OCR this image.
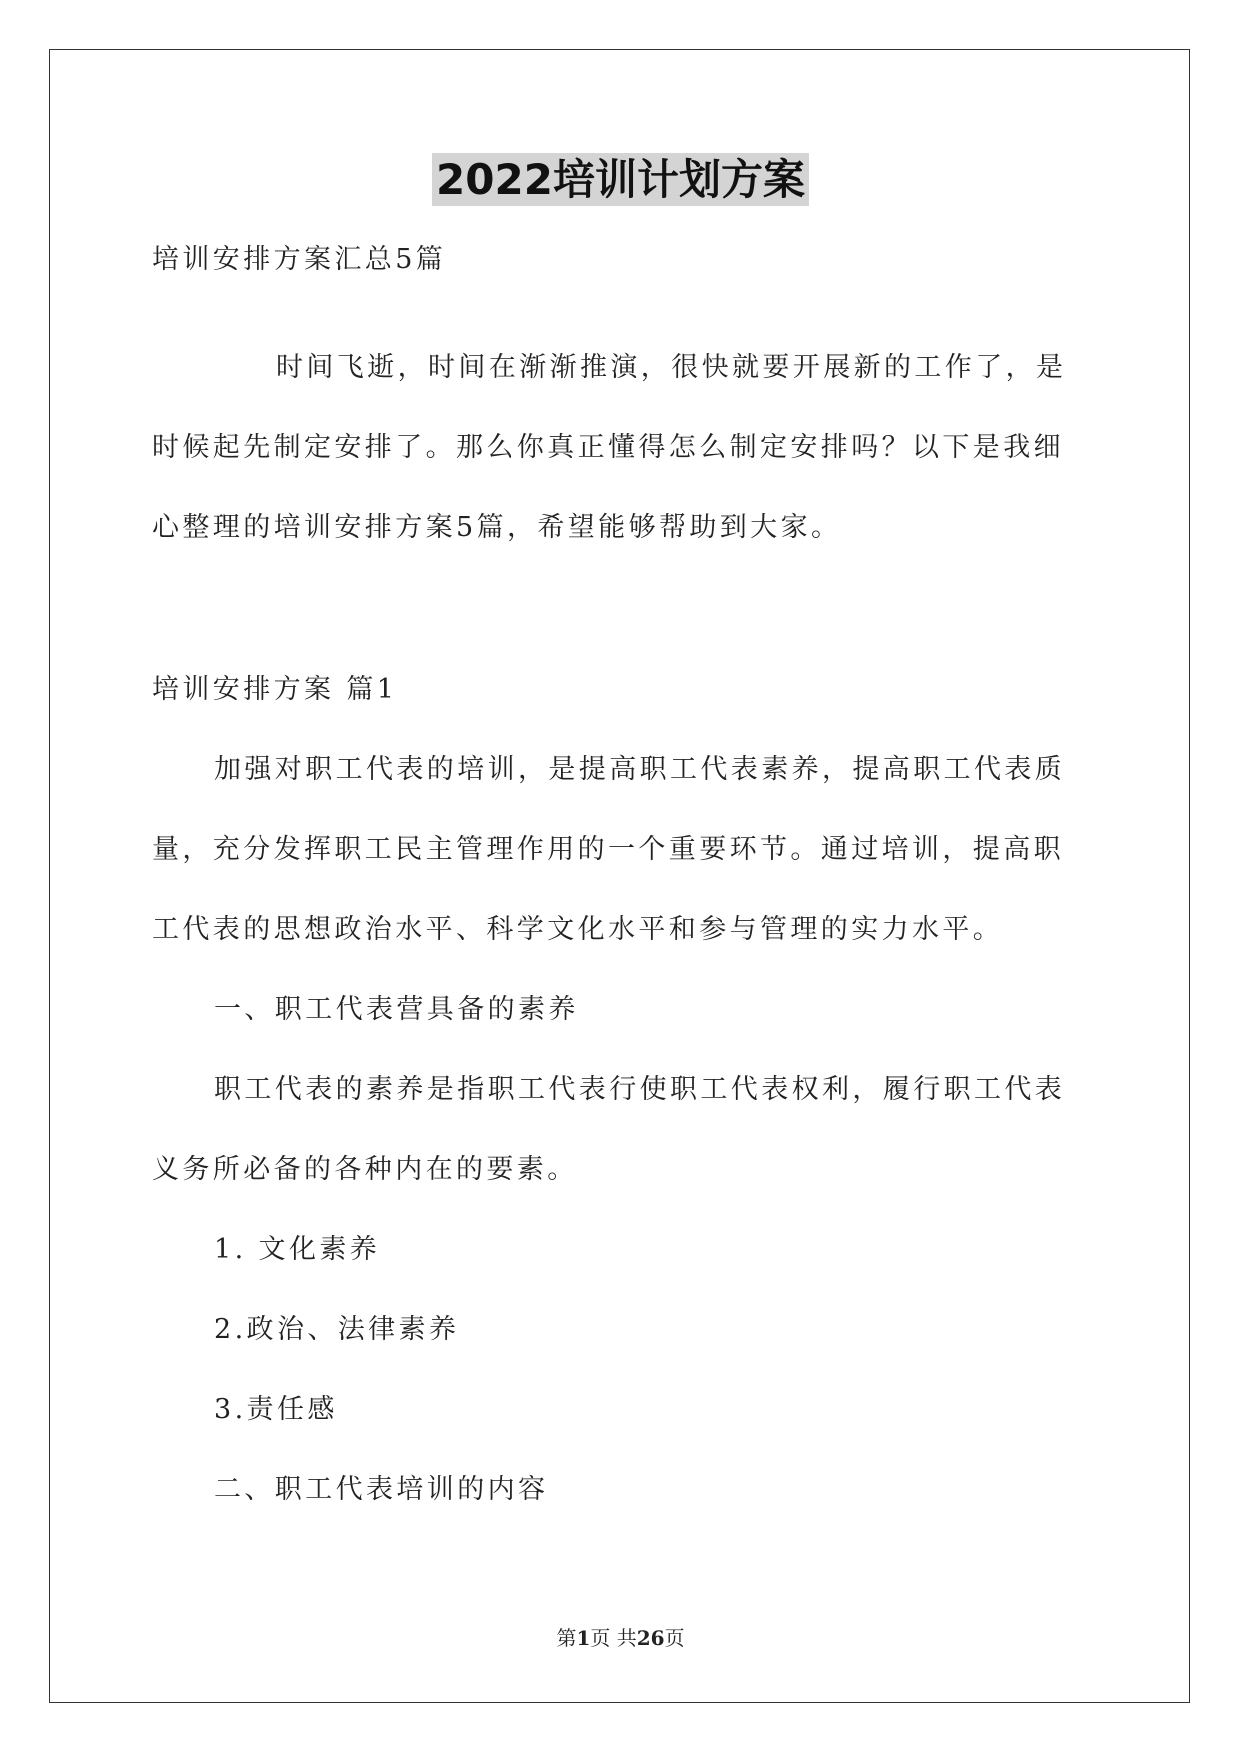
2022培训计划方案
培训安排方案汇总5篇
时间飞逝，时间在渐渐推演，很快就要开展新的工作了，是
时候起先制定安排了。那么你真正懂得怎么制定安排吗？以下是我细
心整理的培训安排方案5篇，希望能够帮助到大家。
培训安排方案 篇1
加强对职工代表的培训，是提高职工代表素养，提高职工代表质
量，充分发挥职工民主管理作用的一个重要环节。通过培训，提高职
工代表的思想政治水平、科学文化水平和参与管理的实力水平。
一、职工代表营具备的素养
职工代表的素养是指职工代表行使职工代表权利，履行职工代表
义务所必备的各种内在的要素。
1. 文化素养
2.政治、法律素养
3.责任感
二、职工代表培训的内容
第1页 共26页
